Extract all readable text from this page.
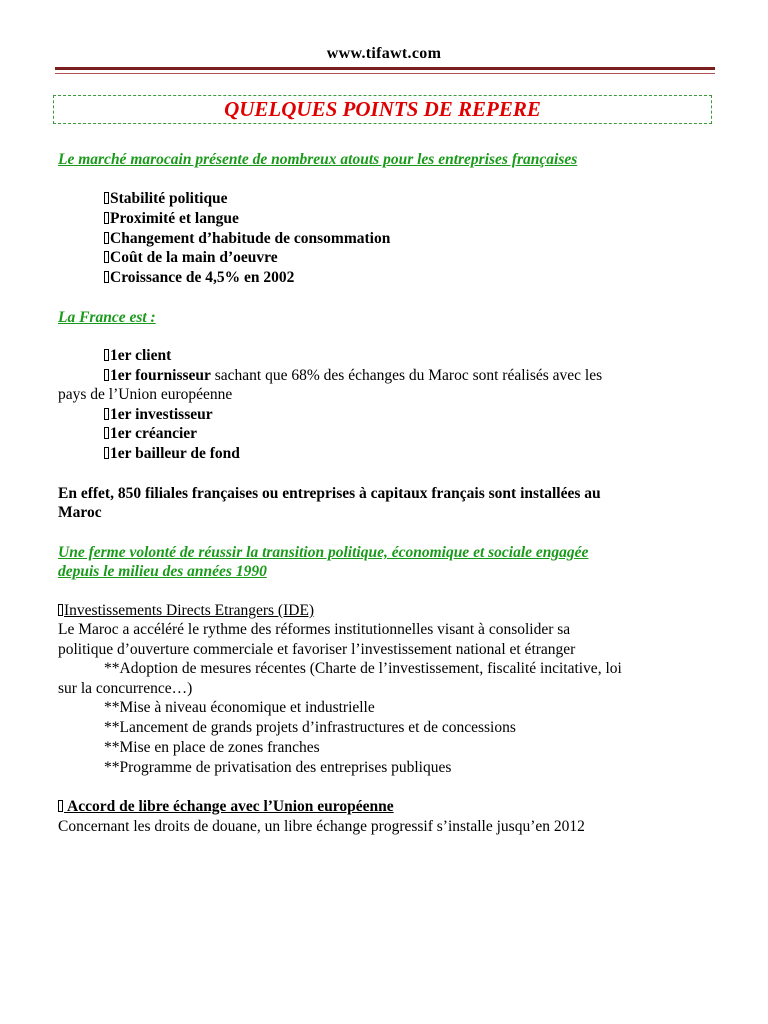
www.tifawt.com
QUELQUES POINTS DE REPERE
Le marché marocain présente de nombreux atouts pour les entreprises françaises
Stabilité politique
Proximité et langue
Changement d’habitude de consommation
Coût de la main d’oeuvre
Croissance de 4,5% en 2002
La France est :
1er client
1er fournisseur sachant que 68% des échanges du Maroc sont réalisés avec les
pays de l’Union européenne
1er investisseur
1er créancier
1er bailleur de fond
En effet, 850 filiales françaises ou entreprises à capitaux français sont installées au
Maroc
Une ferme volonté de réussir la transition politique, économique et sociale engagée
depuis le milieu des années 1990
Investissements Directs Etrangers (IDE)
Le Maroc a accéléré le rythme des réformes institutionnelles visant à consolider sa
politique d’ouverture commerciale et favoriser l’investissement national et étranger
**Adoption de mesures récentes (Charte de l’investissement, fiscalité incitative, loi
sur la concurrence…)
**Mise à niveau économique et industrielle
**Lancement de grands projets d’infrastructures et de concessions
**Mise en place de zones franches
**Programme de privatisation des entreprises publiques
Accord de libre échange avec l’Union européenne
Concernant les droits de douane, un libre échange progressif s’installe jusqu’en 2012
